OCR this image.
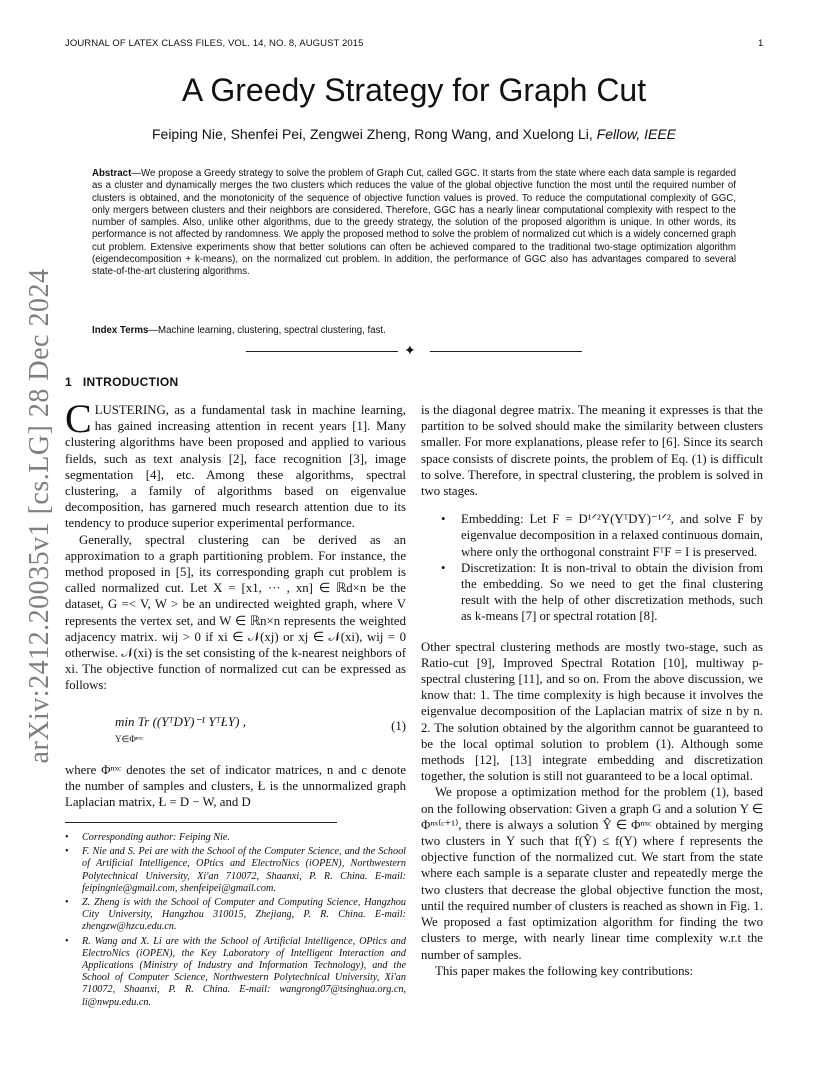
arXiv:2412.20035v1 [cs.LG] 28 Dec 2024
JOURNAL OF LATEX CLASS FILES, VOL. 14, NO. 8, AUGUST 2015	1
A Greedy Strategy for Graph Cut
Feiping Nie, Shenfei Pei, Zengwei Zheng, Rong Wang, and Xuelong Li, Fellow, IEEE
Abstract—We propose a Greedy strategy to solve the problem of Graph Cut, called GGC. It starts from the state where each data sample is regarded as a cluster and dynamically merges the two clusters which reduces the value of the global objective function the most until the required number of clusters is obtained, and the monotonicity of the sequence of objective function values is proved. To reduce the computational complexity of GGC, only mergers between clusters and their neighbors are considered. Therefore, GGC has a nearly linear computational complexity with respect to the number of samples. Also, unlike other algorithms, due to the greedy strategy, the solution of the proposed algorithm is unique. In other words, its performance is not affected by randomness. We apply the proposed method to solve the problem of normalized cut which is a widely concerned graph cut problem. Extensive experiments show that better solutions can often be achieved compared to the traditional two-stage optimization algorithm (eigendecomposition + k-means), on the normalized cut problem. In addition, the performance of GGC also has advantages compared to several state-of-the-art clustering algorithms.
Index Terms—Machine learning, clustering, spectral clustering, fast.
✦
1 INTRODUCTION

CLUSTERING, as a fundamental task in machine learning, has gained increasing attention in recent years [1]. Many clustering algorithms have been proposed and applied to various fields, such as text analysis [2], face recognition [3], image segmentation [4], etc. Among these algorithms, spectral clustering, a family of algorithms based on eigenvalue decomposition, has garnered much research attention due to its tendency to produce superior experimental performance.

Generally, spectral clustering can be derived as an approximation to a graph partitioning problem. For instance, the method proposed in [5], its corresponding graph cut problem is called normalized cut. Let X = [x1, ··· , xn] ∈ ℝd×n be the dataset, G =< V, W > be an undirected weighted graph, where V represents the vertex set, and W ∈ ℝn×n represents the weighted adjacency matrix. wij > 0 if xi ∈ 𝒩(xj) or xj ∈ 𝒩(xi), wij = 0 otherwise. 𝒩(xi) is the set consisting of the k-nearest neighbors of xi. The objective function of normalized cut can be expressed as follows:

min Tr ((YᵀDY)⁻¹ YᵀŁY) ,
Y∈Φⁿˣᶜ
(1)

where Φⁿˣᶜ denotes the set of indicator matrices, n and c denote the number of samples and clusters, Ł is the unnormalized graph Laplacian matrix, Ł = D − W, and D

• Corresponding author: Feiping Nie.
• F. Nie and S. Pei are with the School of the Computer Science, and the School of Artificial Intelligence, OPtics and ElectroNics (iOPEN), Northwestern Polytechnical University, Xi'an 710072, Shaanxi, P. R. China. E-mail: feipingnie@gmail.com, shenfeipei@gmail.com.
• Z. Zheng is with the School of Computer and Computing Science, Hangzhou City University, Hangzhou 310015, Zhejiang, P. R. China. E-mail: zhengzw@hzcu.edu.cn.
• R. Wang and X. Li are with the School of Artificial Intelligence, OPtics and ElectroNics (iOPEN), the Key Laboratory of Intelligent Interaction and Applications (Ministry of Industry and Information Technology), and the School of Computer Science, Northwestern Polytechnical University, Xi'an 710072, Shaanxi, P. R. China. E-mail: wangrong07@tsinghua.org.cn, li@nwpu.edu.cn.

is the diagonal degree matrix. The meaning it expresses is that the partition to be solved should make the similarity between clusters smaller. For more explanations, please refer to [6]. Since its search space consists of discrete points, the problem of Eq. (1) is difficult to solve. Therefore, in spectral clustering, the problem is solved in two stages.

• Embedding: Let F = D¹ᐟ²Y(YᵀDY)⁻¹ᐟ², and solve F by eigenvalue decomposition in a relaxed continuous domain, where only the orthogonal constraint FᵀF = I is preserved.
• Discretization: It is non-trival to obtain the division from the embedding. So we need to get the final clustering result with the help of other discretization methods, such as k-means [7] or spectral rotation [8].

Other spectral clustering methods are mostly two-stage, such as Ratio-cut [9], Improved Spectral Rotation [10], multiway p-spectral clustering [11], and so on. From the above discussion, we know that: 1. The time complexity is high because it involves the eigenvalue decomposition of the Laplacian matrix of size n by n. 2. The solution obtained by the algorithm cannot be guaranteed to be the local optimal solution to problem (1). Although some methods [12], [13] integrate embedding and discretization together, the solution is still not guaranteed to be a local optimal.

We propose a optimization method for the problem (1), based on the following observation: Given a graph G and a solution Y ∈ Φⁿˣ⁽ᶜ⁺¹⁾, there is always a solution Ŷ ∈ Φⁿˣᶜ obtained by merging two clusters in Y such that f(Ŷ) ≤ f(Y) where f represents the objective function of the normalized cut. We start from the state where each sample is a separate cluster and repeatedly merge the two clusters that decrease the global objective function the most, until the required number of clusters is reached as shown in Fig. 1. We proposed a fast optimization algorithm for finding the two clusters to merge, with nearly linear time complexity w.r.t the number of samples.

This paper makes the following key contributions:
